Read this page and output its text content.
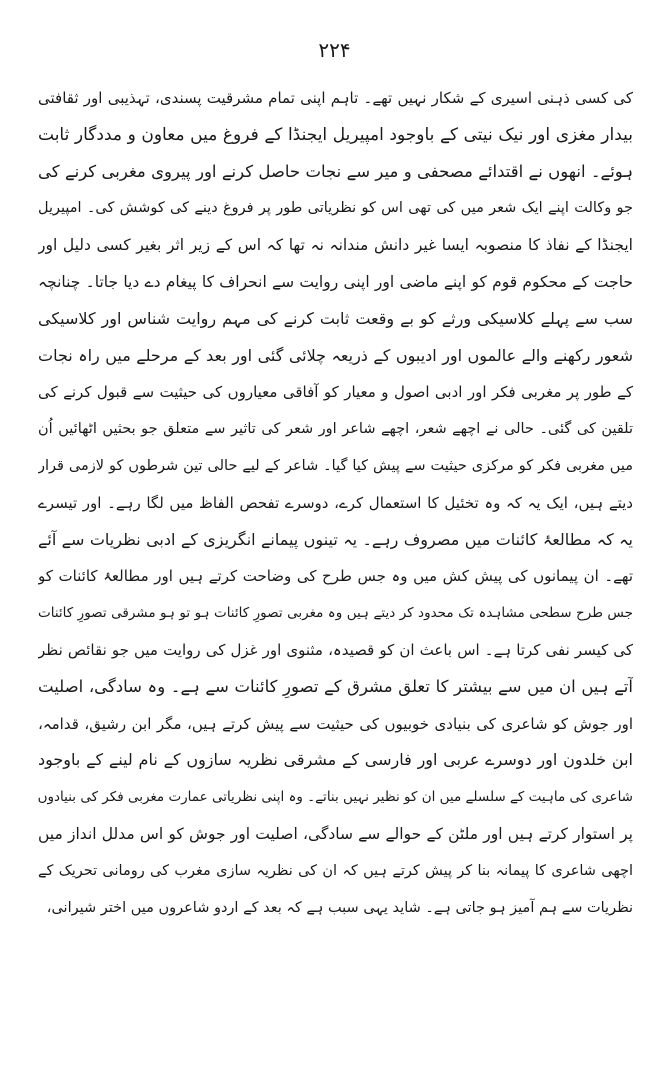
۲۲۴
کی کسی ذہنی اسیری کے شکار نہیں تھے۔ تاہم اپنی تمام مشرقیت پسندی، تہذیبی اور ثقافتی
بیدار مغزی اور نیک نیتی کے باوجود امپیریل ایجنڈا کے فروغ میں معاون و مددگار ثابت
ہوئے۔ انھوں نے اقتدائے مصحفی و میر سے نجات حاصل کرنے اور پیروی مغربی کرنے کی
جو وکالت اپنے ایک شعر میں کی تھی اس کو نظریاتی طور پر فروغ دینے کی کوشش کی۔ امپیریل
ایجنڈا کے نفاذ کا منصوبہ ایسا غیر دانش مندانہ نہ تھا کہ اس کے زیر اثر بغیر کسی دلیل اور
حاجت کے محکوم قوم کو اپنے ماضی اور اپنی روایت سے انحراف کا پیغام دے دیا جاتا۔ چنانچہ
سب سے پہلے کلاسیکی ورثے کو بے وقعت ثابت کرنے کی مہم روایت شناس اور کلاسیکی
شعور رکھنے والے عالموں اور ادیبوں کے ذریعہ چلائی گئی اور بعد کے مرحلے میں راہ نجات
کے طور پر مغربی فکر اور ادبی اصول و معیار کو آفاقی معیاروں کی حیثیت سے قبول کرنے کی
تلقین کی گئی۔ حالی نے اچھے شعر، اچھے شاعر اور شعر کی تاثیر سے متعلق جو بحثیں اٹھائیں اُن
میں مغربی فکر کو مرکزی حیثیت سے پیش کیا گیا۔ شاعر کے لیے حالی تین شرطوں کو لازمی قرار
دیتے ہیں، ایک یہ کہ وہ تخئیل کا استعمال کرے، دوسرے تفحص الفاظ میں لگا رہے۔ اور تیسرے
یہ کہ مطالعۂ کائنات میں مصروف رہے۔ یہ تینوں پیمانے انگریزی کے ادبی نظریات سے آئے
تھے۔ ان پیمانوں کی پیش کش میں وہ جس طرح کی وضاحت کرتے ہیں اور مطالعۂ کائنات کو
جس طرح سطحی مشاہدہ تک محدود کر دیتے ہیں وہ مغربی تصورِ کائنات ہو تو ہو مشرقی تصورِ کائنات
کی کیسر نفی کرتا ہے۔ اس باعث ان کو قصیدہ، مثنوی اور غزل کی روایت میں جو نقائص نظر
آتے ہیں ان میں سے بیشتر کا تعلق مشرق کے تصورِ کائنات سے ہے۔ وہ سادگی، اصلیت
اور جوش کو شاعری کی بنیادی خوبیوں کی حیثیت سے پیش کرتے ہیں، مگر ابن رشیق، قدامہ،
ابن خلدون اور دوسرے عربی اور فارسی کے مشرقی نظریہ سازوں کے نام لینے کے باوجود
شاعری کی ماہیت کے سلسلے میں ان کو نظیر نہیں بناتے۔ وہ اپنی نظریاتی عمارت مغربی فکر کی بنیادوں
پر استوار کرتے ہیں اور ملٹن کے حوالے سے سادگی، اصلیت اور جوش کو اس مدلل انداز میں
اچھی شاعری کا پیمانہ بنا کر پیش کرتے ہیں کہ ان کی نظریہ سازی مغرب کی رومانی تحریک کے
نظریات سے ہم آمیز ہو جاتی ہے۔ شاید یہی سبب ہے کہ بعد کے اردو شاعروں میں اختر شیرانی،
